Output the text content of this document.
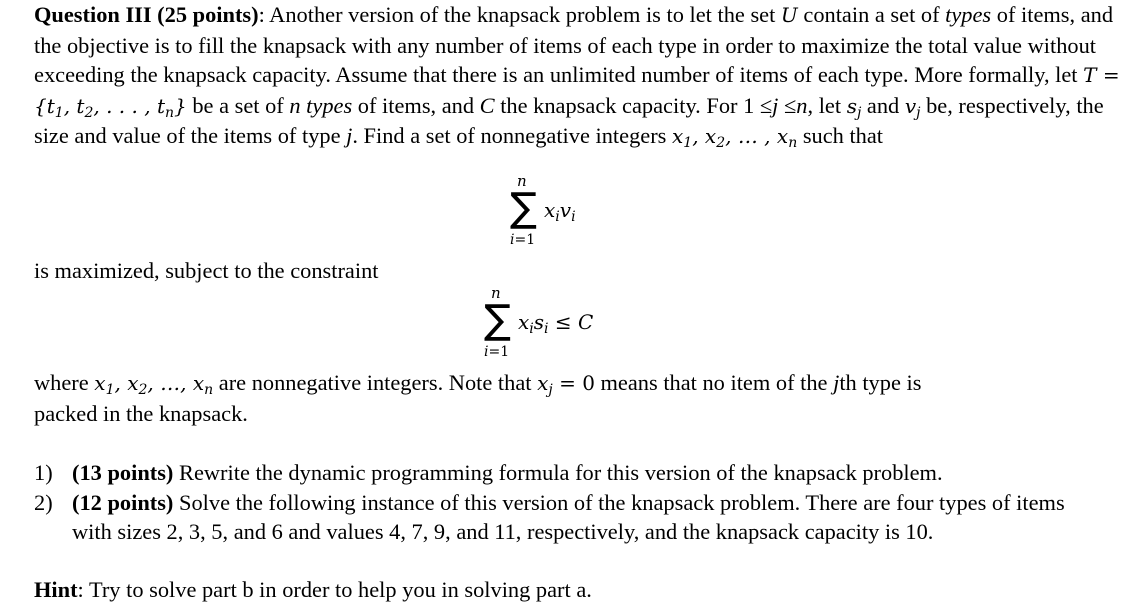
Question III (25 points): Another version of the knapsack problem is to let the set U contain a set of types of items, and the objective is to fill the knapsack with any number of items of each type in order to maximize the total value without exceeding the knapsack capacity. Assume that there is an unlimited number of items of each type. More formally, let $T = \{t_1$, $t_2$, . . . , $t_n$} be a set of n types of items, and C the knapsack capacity. For 1 ≤j ≤n, let $s_j$ and $v_j$ be, respectively, the size and value of the items of type j. Find a set of nonnegative integers $x_1$, $x_2$, … , $x_n$ such that

n
∑
i=1
$x_iv_i$
is maximized, subject to the constraint
n
∑
i=1
$x_is_i \le C$
where $x_1$, $x_2$, …, $x_n$ are nonnegative integers. Note that $x_j = 0$ means that no item of the jth type is
packed in the knapsack.
1) (13 points) Rewrite the dynamic programming formula for this version of the knapsack problem.
2) (12 points) Solve the following instance of this version of the knapsack problem. There are four types of items with sizes 2, 3, 5, and 6 and values 4, 7, 9, and 11, respectively, and the knapsack capacity is 10.
Hint: Try to solve part b in order to help you in solving part a.
